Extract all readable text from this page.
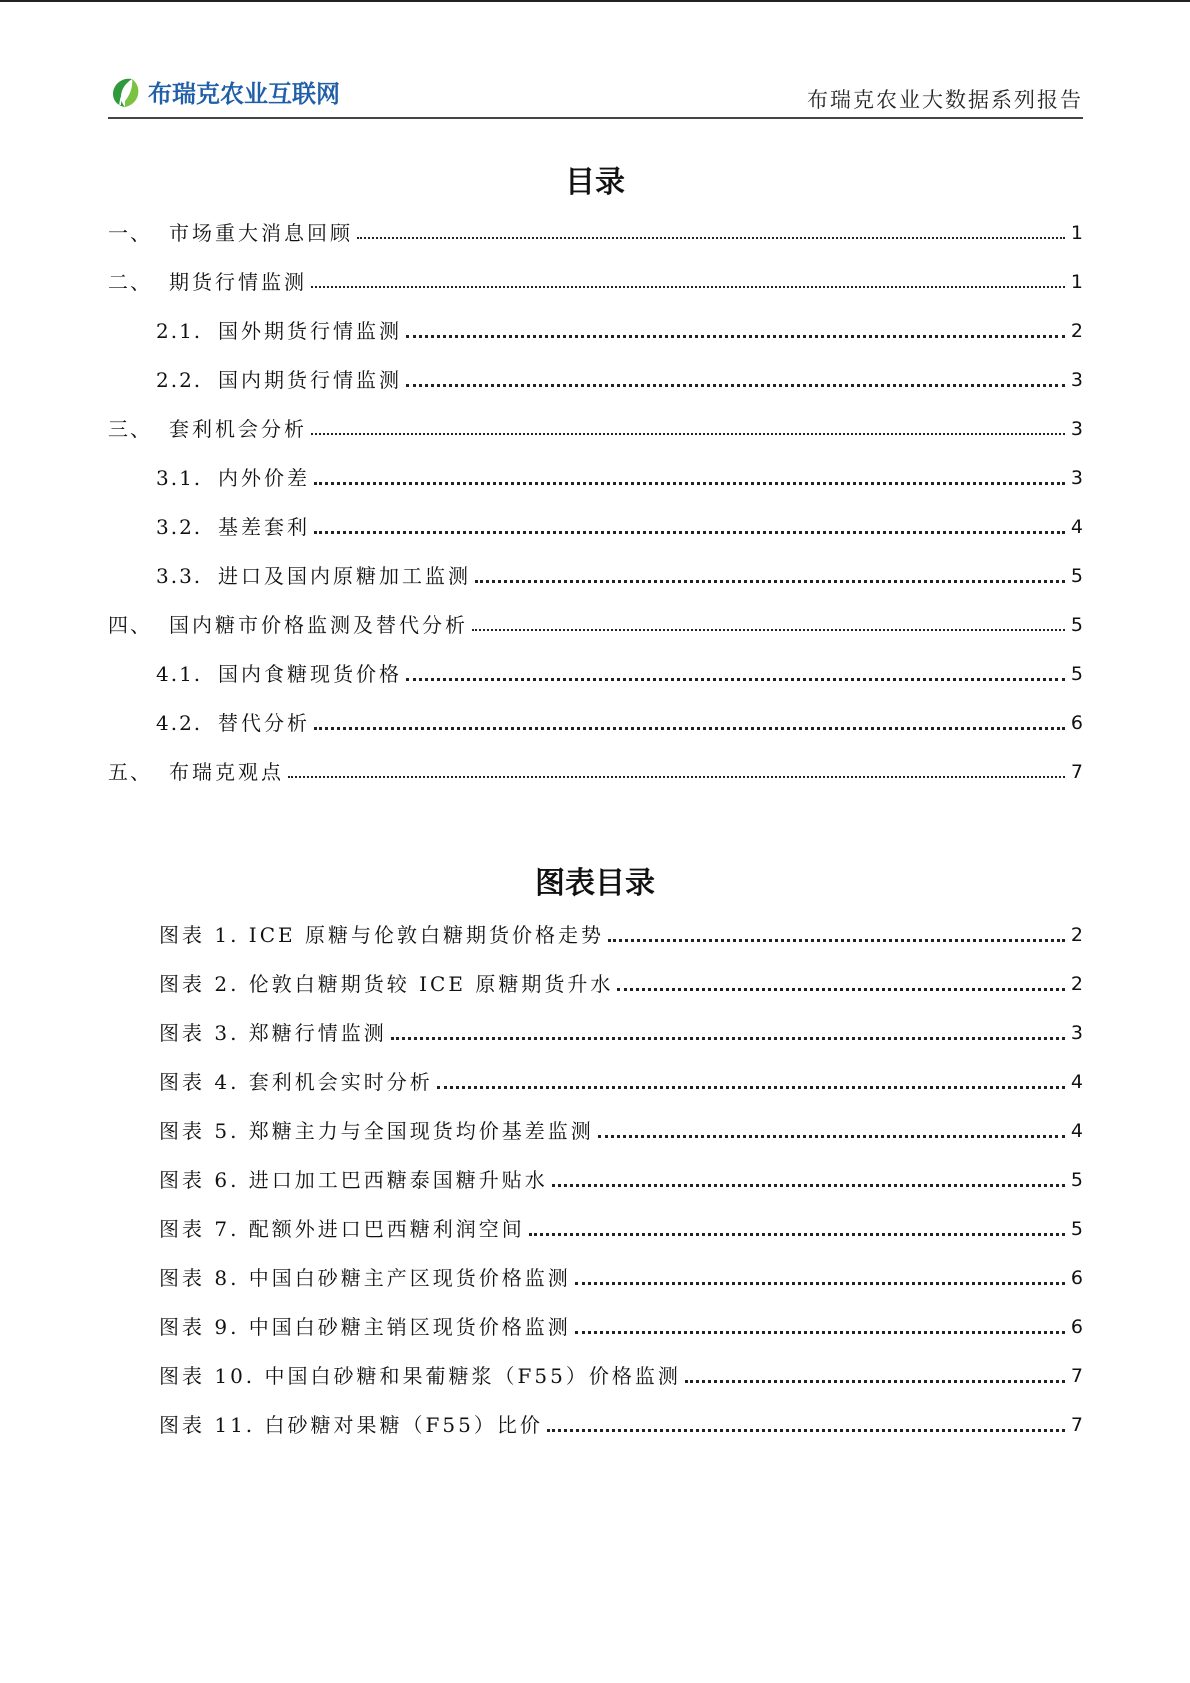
布瑞克农业互联网	布瑞克农业大数据系列报告
目录
一、 市场重大消息回顾	1
二、 期货行情监测	1
2.1. 国外期货行情监测	2
2.2. 国内期货行情监测	3
三、 套利机会分析	3
3.1. 内外价差	3
3.2. 基差套利	4
3.3. 进口及国内原糖加工监测	5
四、 国内糖市价格监测及替代分析	5
4.1. 国内食糖现货价格	5
4.2. 替代分析	6
五、 布瑞克观点	7
图表目录
图表 1. ICE 原糖与伦敦白糖期货价格走势	2
图表 2. 伦敦白糖期货较 ICE 原糖期货升水	2
图表 3. 郑糖行情监测	3
图表 4. 套利机会实时分析	4
图表 5. 郑糖主力与全国现货均价基差监测	4
图表 6. 进口加工巴西糖泰国糖升贴水	5
图表 7. 配额外进口巴西糖利润空间	5
图表 8. 中国白砂糖主产区现货价格监测	6
图表 9. 中国白砂糖主销区现货价格监测	6
图表 10. 中国白砂糖和果葡糖浆（F55）价格监测	7
图表 11. 白砂糖对果糖（F55）比价	7
